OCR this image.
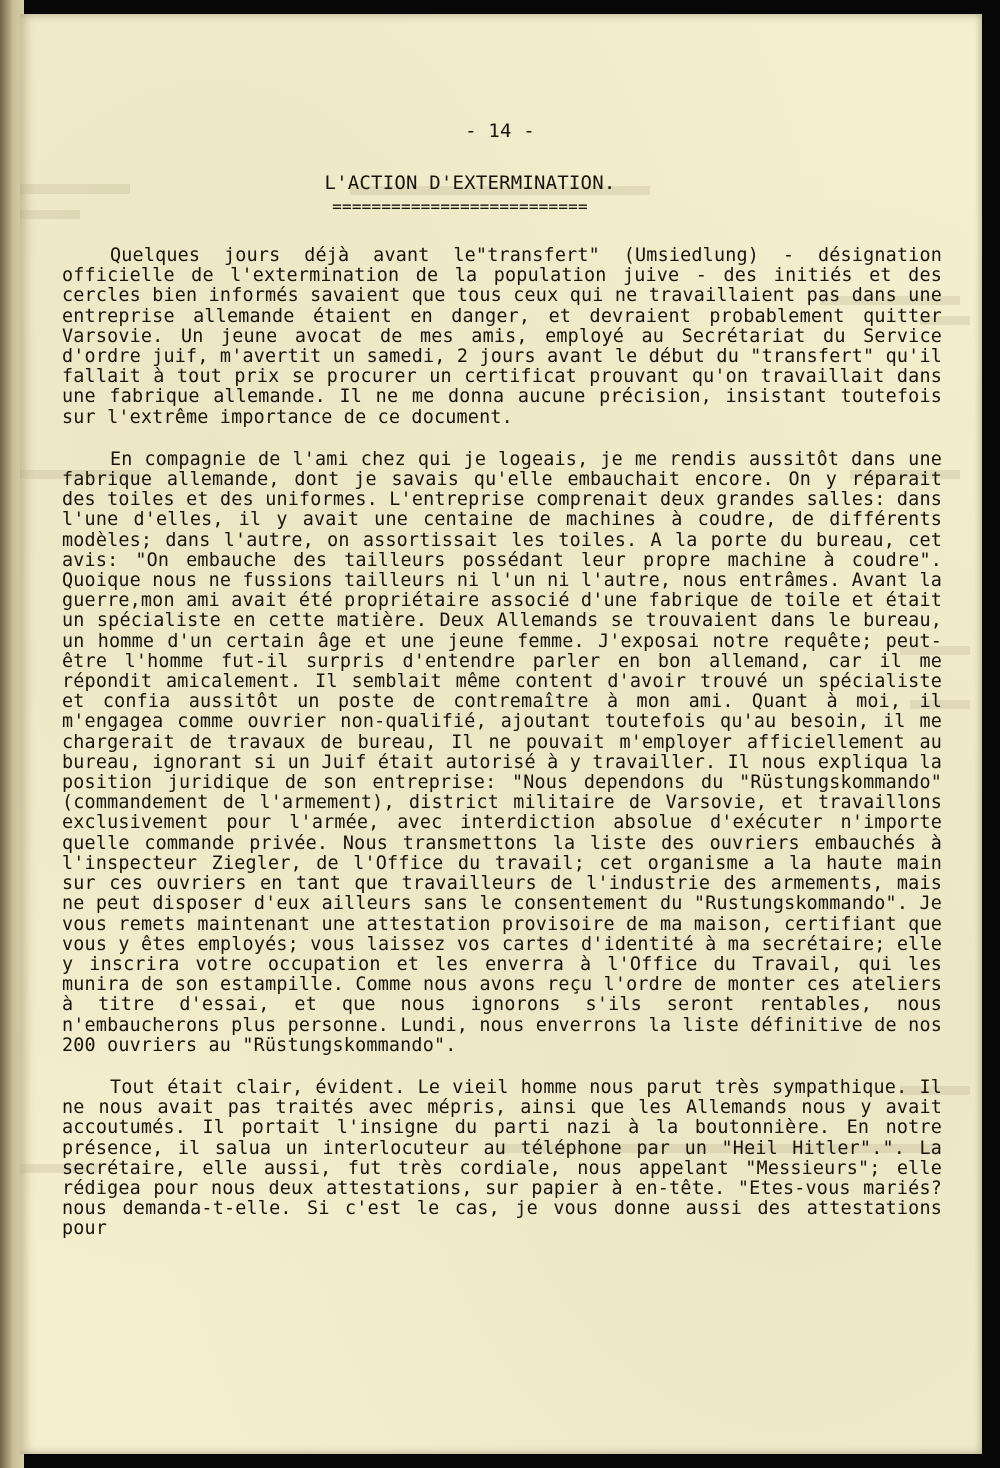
- 14 -
L'ACTION D'EXTERMINATION.
==========================

Quelques jours déjà avant le"transfert" (Umsiedlung) - désignation officielle de l'extermination de la population juive - des initiés et des cercles bien informés savaient que tous ceux qui ne travaillaient pas dans une entreprise allemande étaient en danger, et devraient probablement quitter Varsovie. Un jeune avocat de mes amis, employé au Secrétariat du Service d'ordre juif, m'avertit un samedi, 2 jours avant le début du "transfert" qu'il fallait à tout prix se procurer un certificat prouvant qu'on travaillait dans une fabrique allemande. Il ne me donna aucune précision, insistant toutefois sur l'extrême importance de ce document.

En compagnie de l'ami chez qui je logeais, je me rendis aussitôt dans une fabrique allemande, dont je savais qu'elle embauchait encore. On y réparait des toiles et des uniformes. L'entreprise comprenait deux grandes salles: dans l'une d'elles, il y avait une centaine de machines à coudre, de différents modèles; dans l'autre, on assortissait les toiles. A la porte du bureau, cet avis: "On embauche des tailleurs possédant leur propre machine à coudre". Quoique nous ne fussions tailleurs ni l'un ni l'autre, nous entrâmes. Avant la guerre,mon ami avait été propriétaire associé d'une fabrique de toile et était un spécialiste en cette matière. Deux Allemands se trouvaient dans le bureau, un homme d'un certain âge et une jeune femme. J'exposai notre requête; peut-être l'homme fut-il surpris d'entendre parler en bon allemand, car il me répondit amicalement. Il semblait même content d'avoir trouvé un spécialiste et confia aussitôt un poste de contremaître à mon ami. Quant à moi, il m'engagea comme ouvrier non-qualifié, ajoutant toutefois qu'au besoin, il me chargerait de travaux de bureau, Il ne pouvait m'employer afficiellement au bureau, ignorant si un Juif était autorisé à y travailler. Il nous expliqua la position juridique de son entreprise: "Nous dependons du "Rüstungskommando" (commandement de l'armement), district militaire de Varsovie, et travaillons exclusivement pour l'armée, avec interdiction absolue d'exécuter n'importe quelle commande privée. Nous transmettons la liste des ouvriers embauchés à l'inspecteur Ziegler, de l'Office du travail; cet organisme a la haute main sur ces ouvriers en tant que travailleurs de l'industrie des armements, mais ne peut disposer d'eux ailleurs sans le consentement du "Rustungskommando". Je vous remets maintenant une attestation provisoire de ma maison, certifiant que vous y êtes employés; vous laissez vos cartes d'identité à ma secrétaire; elle y inscrira votre occupation et les enverra à l'Office du Travail, qui les munira de son estampille. Comme nous avons reçu l'ordre de monter ces ateliers à titre d'essai, et que nous ignorons s'ils seront rentables, nous n'embaucherons plus personne. Lundi, nous enverrons la liste définitive de nos 200 ouvriers au "Rüstungskommando".

Tout était clair, évident. Le vieil homme nous parut très sympathique. Il ne nous avait pas traités avec mépris, ainsi que les Allemands nous y avait accoutumés. Il portait l'insigne du parti nazi à la boutonnière. En notre présence, il salua un interlocuteur au téléphone par un "Heil Hitler".". La secrétaire, elle aussi, fut très cordiale, nous appelant "Messieurs"; elle rédigea pour nous deux attestations, sur papier à en-tête. "Etes-vous mariés? nous demanda-t-elle. Si c'est le cas, je vous donne aussi des attestations pour
